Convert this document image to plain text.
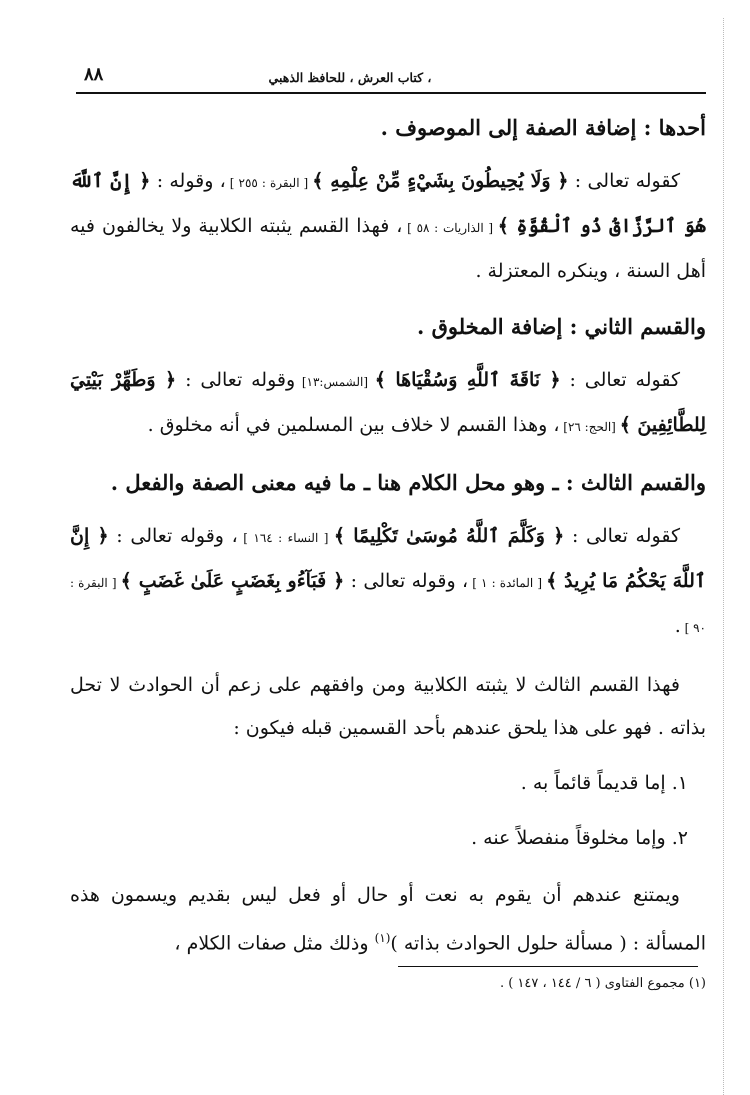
، كتاب العرش ، للحافظ الذهبي
٨٨

أحدها : إضافة الصفة إلى الموصوف .

كقوله تعالى : ﴿ وَلَا يُحِيطُونَ بِشَيْءٍ مِّنْ عِلْمِهِ ﴾ [ البقرة : ٢٥٥ ] ، وقوله : ﴿ إِنَّ ٱللَّهَ هُوَ ٱلرَّزَّاقُ ذُو ٱلْقُوَّةِ ﴾ [ الذاريات : ٥٨ ] ، فهذا القسم يثبته الكلابية ولا يخالفون فيه أهل السنة ، وينكره المعتزلة .

والقسم الثاني : إضافة المخلوق .

كقوله تعالى : ﴿ نَاقَةَ ٱللَّهِ وَسُقْيَاهَا ﴾ [الشمس:١٣] وقوله تعالى : ﴿ وَطَهِّرْ بَيْتِيَ لِلطَّائِفِينَ ﴾ [الحج: ٢٦] ، وهذا القسم لا خلاف بين المسلمين في أنه مخلوق .

والقسم الثالث : ـ وهو محل الكلام هنا ـ ما فيه معنى الصفة والفعل .

كقوله تعالى : ﴿ وَكَلَّمَ ٱللَّهُ مُوسَىٰ تَكْلِيمًا ﴾ [ النساء : ١٦٤ ] ، وقوله تعالى : ﴿ إِنَّ ٱللَّهَ يَحْكُمُ مَا يُرِيدُ ﴾ [ المائدة : ١ ] ، وقوله تعالى : ﴿ فَبَآءُو بِغَضَبٍ عَلَىٰ غَضَبٍ ﴾ [ البقرة : ٩٠ ] .

فهذا القسم الثالث لا يثبته الكلابية ومن وافقهم على زعم أن الحوادث لا تحل بذاته . فهو على هذا يلحق عندهم بأحد القسمين قبله فيكون :

١. إما قديماً قائماً به .

٢. وإما مخلوقاً منفصلاً عنه .

ويمتنع عندهم أن يقوم به نعت أو حال أو فعل ليس بقديم ويسمون هذه المسألة : ( مسألة حلول الحوادث بذاته )$^{(١)}$ وذلك مثل صفات الكلام ،

(١) مجموع الفتاوى ( ٦ / ١٤٤ ، ١٤٧ ) .
